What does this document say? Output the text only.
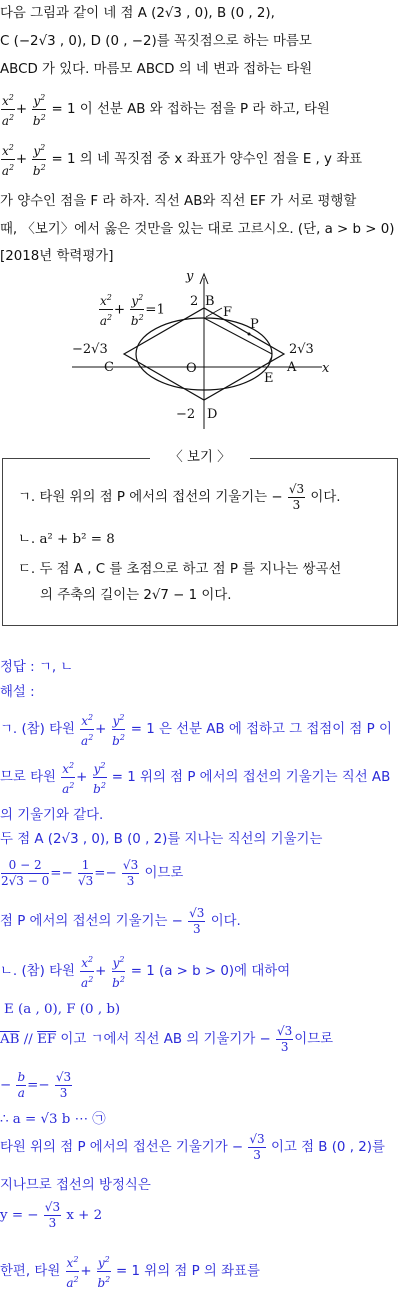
다음 그림과 같이 네 점 A (2√3 , 0), B (0 , 2),
C (−2√3 , 0), D (0 , −2)를 꼭짓점으로 하는 마름모
ABCD 가 있다. 마름모 ABCD 의 네 변과 접하는 타원
$\frac{x^2}{a^2} + \frac{y^2}{b^2} = 1$ 이 선분 AB 와 접하는 점을 P 라 하고, 타원
$\frac{x^2}{a^2} + \frac{y^2}{b^2} = 1$ 의 네 꼭짓점 중 x 좌표가 양수인 점을 E , y 좌표
가 양수인 점을 F 라 하자. 직선 AB와 직선 EF 가 서로 평행할
때, 〈보기〉에서 옳은 것만을 있는 대로 고르시오. (단, a > b > 0)
[2018년 학력평가]
y
x
O
2 B
F
P
−2√3	2√3
C	A
E
−2 D
$\frac{x^2}{a^2} + \frac{y^2}{b^2} =1$
〈 보기 〉
ㄱ. 타원 위의 점 P 에서의 접선의 기울기는 − $\frac{√3}{3}$ 이다.
ㄴ. a² + b² = 8
ㄷ. 두 점 A , C 를 초점으로 하고 점 P 를 지나는 쌍곡선
의 주축의 길이는 2√7 − 1 이다.
정답 : ㄱ, ㄴ
해설 :
ㄱ. (참) 타원 $\frac{x^2}{a^2} + \frac{y^2}{b^2} = 1$ 은 선분 AB 에 접하고 그 접점이 점 P 이
므로 타원 $\frac{x^2}{a^2} + \frac{y^2}{b^2} = 1$ 위의 점 P 에서의 접선의 기울기는 직선 AB
의 기울기와 같다.
두 점 A (2√3 , 0), B (0 , 2)를 지나는 직선의 기울기는
$\frac{0 - 2}{2√3 - 0} =- \frac{1}{√3} =- \frac{√3}{3}$ 이므로
점 P 에서의 접선의 기울기는 − $\frac{√3}{3}$ 이다.
ㄴ. (참) 타원 $\frac{x^2}{a^2} + \frac{y^2}{b^2} = 1$ (a > b > 0)에 대하여
E (a , 0), F (0 , b)
$\overline{AB} // \overline{EF}$ 이고 ㄱ에서 직선 AB 의 기울기가 − $\frac{√3}{3}$ 이므로
− $\frac{b}{a} =- \frac{√3}{3}$
∴ a = √3 b ⋯ ㉠
타원 위의 점 P 에서의 접선은 기울기가 − $\frac{√3}{3}$ 이고 점 B (0 , 2)를
지나므로 접선의 방정식은
y = − $\frac{√3}{3}$ x + 2
한편, 타원 $\frac{x^2}{a^2} + \frac{y^2}{b^2} = 1$ 위의 점 P 의 좌표를
